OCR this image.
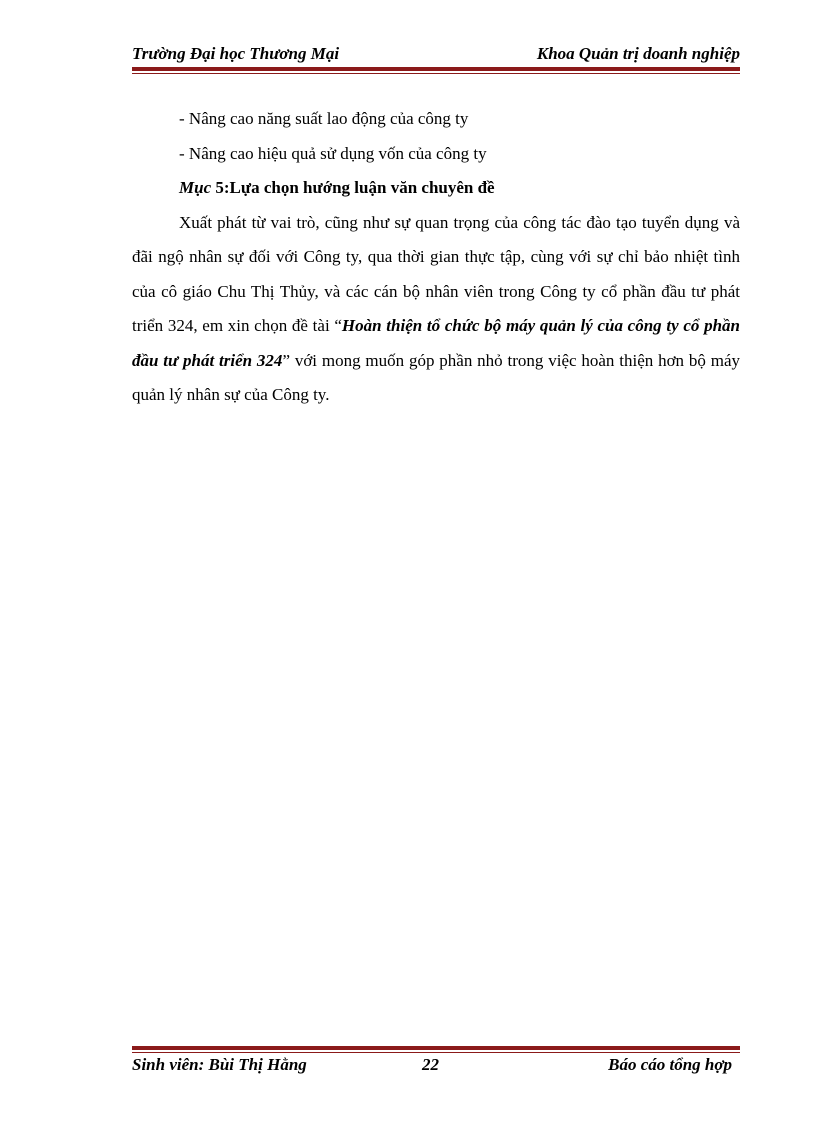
Trường Đại học Thương Mại	Khoa Quản trị doanh nghiệp

- Nâng cao năng suất lao động của công ty

- Nâng cao hiệu quả sử dụng vốn của công ty

Mục 5:Lựa chọn hướng luận văn chuyên đề

Xuất phát từ vai trò, cũng như sự quan trọng của công tác đào tạo tuyển dụng và đãi ngộ nhân sự đối với Công ty, qua thời gian thực tập, cùng với sự chỉ bảo nhiệt tình của cô giáo Chu Thị Thủy, và các cán bộ nhân viên trong Công ty cổ phần đầu tư phát triển 324, em xin chọn đề tài “Hoàn thiện tổ chức bộ máy quản lý của công ty cổ phần đầu tư phát triển 324” với mong muốn góp phần nhỏ trong việc hoàn thiện hơn bộ máy quản lý nhân sự của Công ty.

Sinh viên: Bùi Thị Hằng	22	Báo cáo tổng hợp
